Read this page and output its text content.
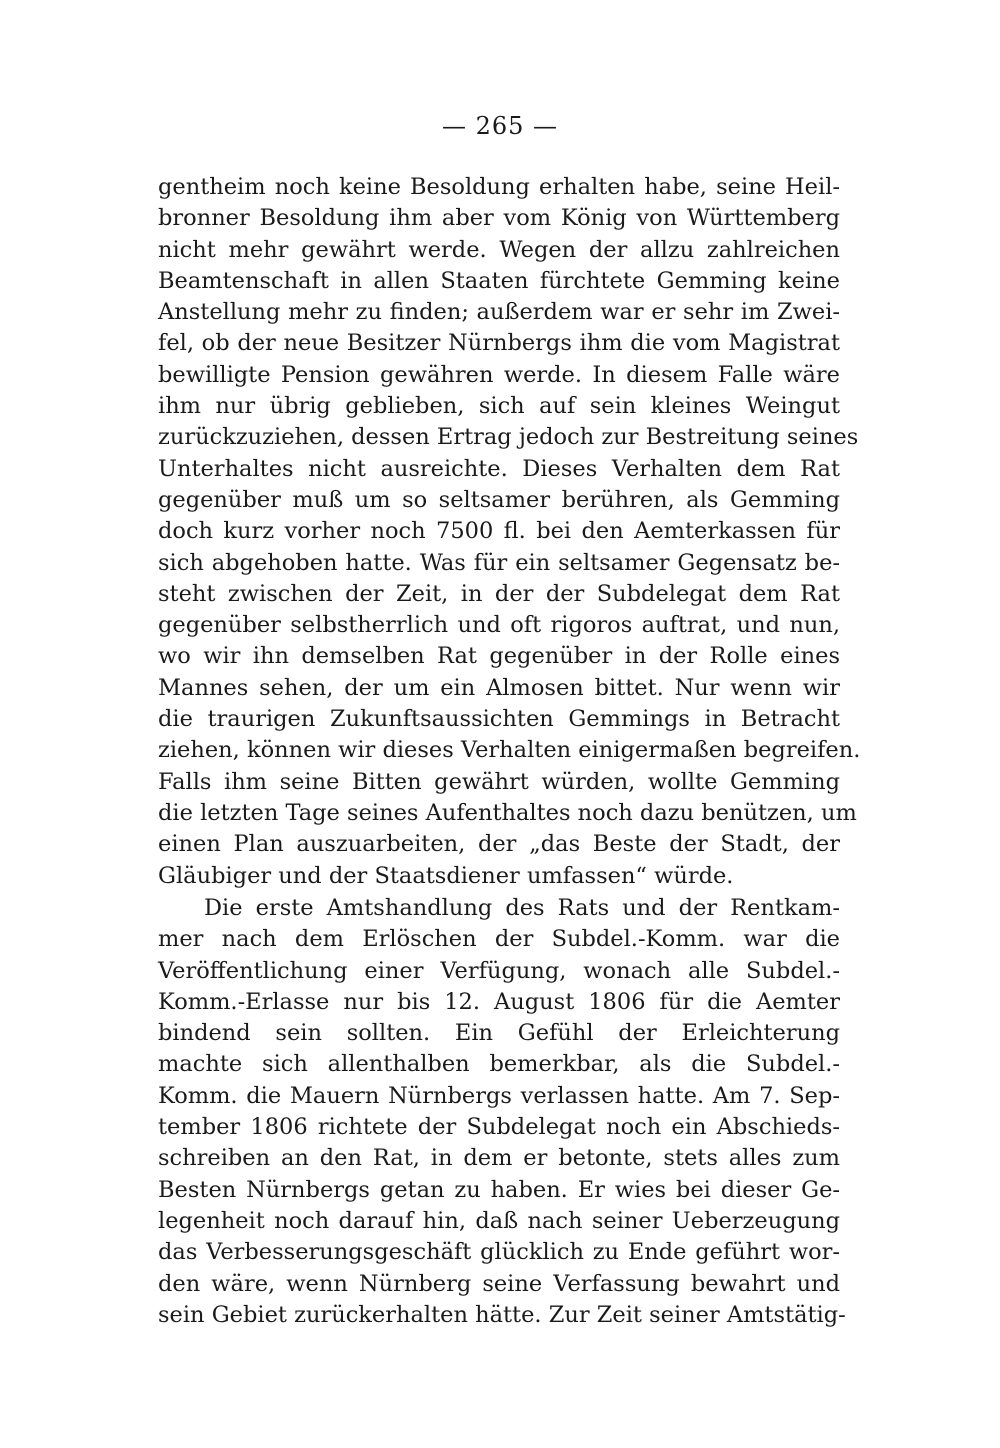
— 265 —
gentheim noch keine Besoldung erhalten habe, seine Heil-
bronner Besoldung ihm aber vom König von Württemberg
nicht mehr gewährt werde. Wegen der allzu zahlreichen
Beamtenschaft in allen Staaten fürchtete Gemming keine
Anstellung mehr zu finden; außerdem war er sehr im Zwei-
fel, ob der neue Besitzer Nürnbergs ihm die vom Magistrat
bewilligte Pension gewähren werde. In diesem Falle wäre
ihm nur übrig geblieben, sich auf sein kleines Weingut
zurückzuziehen, dessen Ertrag jedoch zur Bestreitung seines
Unterhaltes nicht ausreichte. Dieses Verhalten dem Rat
gegenüber muß um so seltsamer berühren, als Gemming
doch kurz vorher noch 7500 fl. bei den Aemterkassen für
sich abgehoben hatte. Was für ein seltsamer Gegensatz be-
steht zwischen der Zeit, in der der Subdelegat dem Rat
gegenüber selbstherrlich und oft rigoros auftrat, und nun,
wo wir ihn demselben Rat gegenüber in der Rolle eines
Mannes sehen, der um ein Almosen bittet. Nur wenn wir
die traurigen Zukunftsaussichten Gemmings in Betracht
ziehen, können wir dieses Verhalten einigermaßen begreifen.
Falls ihm seine Bitten gewährt würden, wollte Gemming
die letzten Tage seines Aufenthaltes noch dazu benützen, um
einen Plan auszuarbeiten, der „das Beste der Stadt, der
Gläubiger und der Staatsdiener umfassen“ würde.
Die erste Amtshandlung des Rats und der Rentkam-
mer nach dem Erlöschen der Subdel.-Komm. war die
Veröffentlichung einer Verfügung, wonach alle Subdel.-
Komm.-Erlasse nur bis 12. August 1806 für die Aemter
bindend sein sollten. Ein Gefühl der Erleichterung
machte sich allenthalben bemerkbar, als die Subdel.-
Komm. die Mauern Nürnbergs verlassen hatte. Am 7. Sep-
tember 1806 richtete der Subdelegat noch ein Abschieds-
schreiben an den Rat, in dem er betonte, stets alles zum
Besten Nürnbergs getan zu haben. Er wies bei dieser Ge-
legenheit noch darauf hin, daß nach seiner Ueberzeugung
das Verbesserungsgeschäft glücklich zu Ende geführt wor-
den wäre, wenn Nürnberg seine Verfassung bewahrt und
sein Gebiet zurückerhalten hätte. Zur Zeit seiner Amtstätig-
